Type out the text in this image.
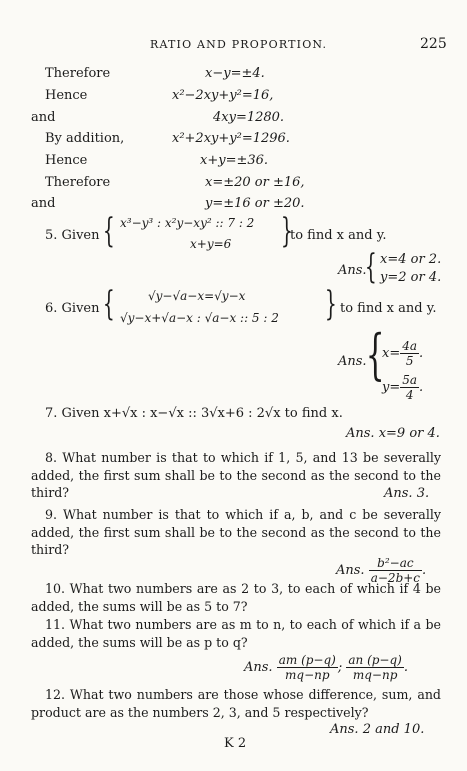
RATIO AND PROPORTION.	225
Therefore	x−y=±4.
Hence	x²−2xy+y²=16,
and	4xy=1280.
By addition,	x²+2xy+y²=1296.
Hence	x+y=±36.
Therefore	x=±20 or ±16,
and	y=±16 or ±20.
5. Given { x³−y³ : x²y−xy² :: 7 : 2
x+y=6 }
to find x and y.
Ans.
{ x=4 or 2.
y=2 or 4.
6. Given {	√y−√a−x=√y−x
√y−x+√a−x : √a−x :: 5 : 2 } to find x and y.
Ans. {
$x= \frac{4a}{5}$ .
$y= \frac{5a}{4}$ .
7. Given x+√x : x−√x :: 3√x+6 : 2√x to find x.
Ans. x=9 or 4.
8. What number is that to which if 1, 5, and 13 be severally added, the first sum shall be to the second as the second to the third?	Ans. 3.
9. What number is that to which if a, b, and c be severally added, the first sum shall be to the second as the second to the third?
Ans. $\frac{\text{b²−ac}}{a-2b+c}$ .
10. What two numbers are as 2 to 3, to each of which if 4 be added, the sums will be as 5 to 7?
11. What two numbers are as m to n, to each of which if a be added, the sums will be as p to q?
Ans. $\frac{am (p-q)}{mq-np}$ ; $\frac{an (p-q)}{mq-np}$ .
12. What two numbers are those whose difference, sum, and product are as the numbers 2, 3, and 5 respectively?
Ans. 2 and 10.
K 2
